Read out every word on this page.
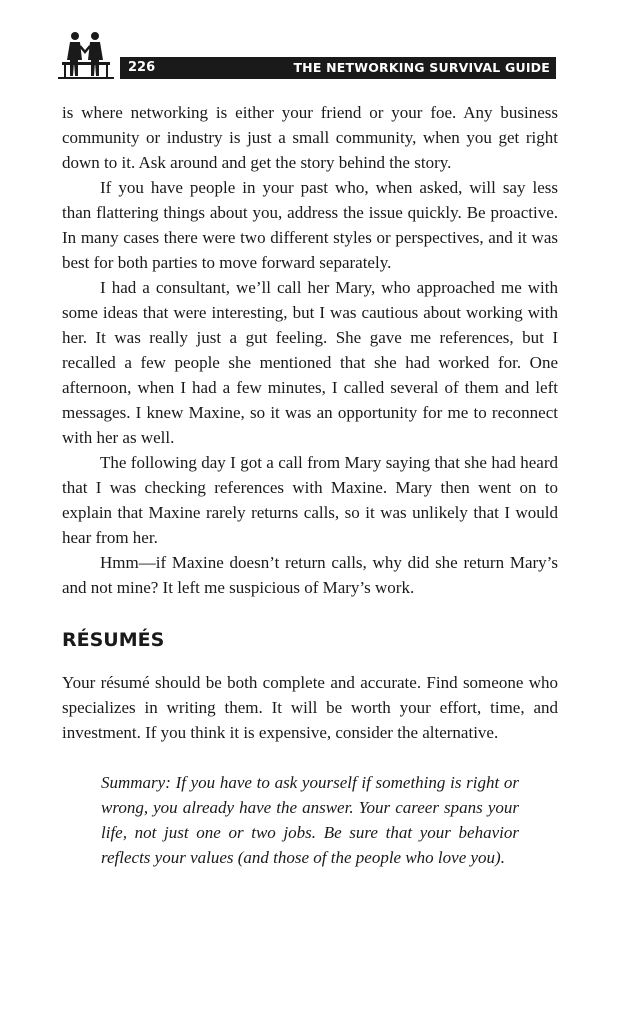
226	THE NETWORKING SURVIVAL GUIDE

is where networking is either your friend or your foe. Any business community or industry is just a small community, when you get right down to it. Ask around and get the story behind the story.

If you have people in your past who, when asked, will say less than flattering things about you, address the issue quickly. Be proactive. In many cases there were two different styles or perspectives, and it was best for both parties to move forward separately.

I had a consultant, we’ll call her Mary, who approached me with some ideas that were interesting, but I was cautious about working with her. It was really just a gut feeling. She gave me references, but I recalled a few people she mentioned that she had worked for. One afternoon, when I had a few minutes, I called several of them and left messages. I knew Maxine, so it was an opportunity for me to reconnect with her as well.

The following day I got a call from Mary saying that she had heard that I was checking references with Maxine. Mary then went on to explain that Maxine rarely returns calls, so it was unlikely that I would hear from her.

Hmm—if Maxine doesn’t return calls, why did she return Mary’s and not mine? It left me suspicious of Mary’s work.

RÉSUMÉS

Your résumé should be both complete and accurate. Find someone who specializes in writing them. It will be worth your effort, time, and investment. If you think it is expensive, consider the alternative.

Summary: If you have to ask yourself if something is right or wrong, you already have the answer. Your career spans your life, not just one or two jobs. Be sure that your behavior reflects your values (and those of the people who love you).
